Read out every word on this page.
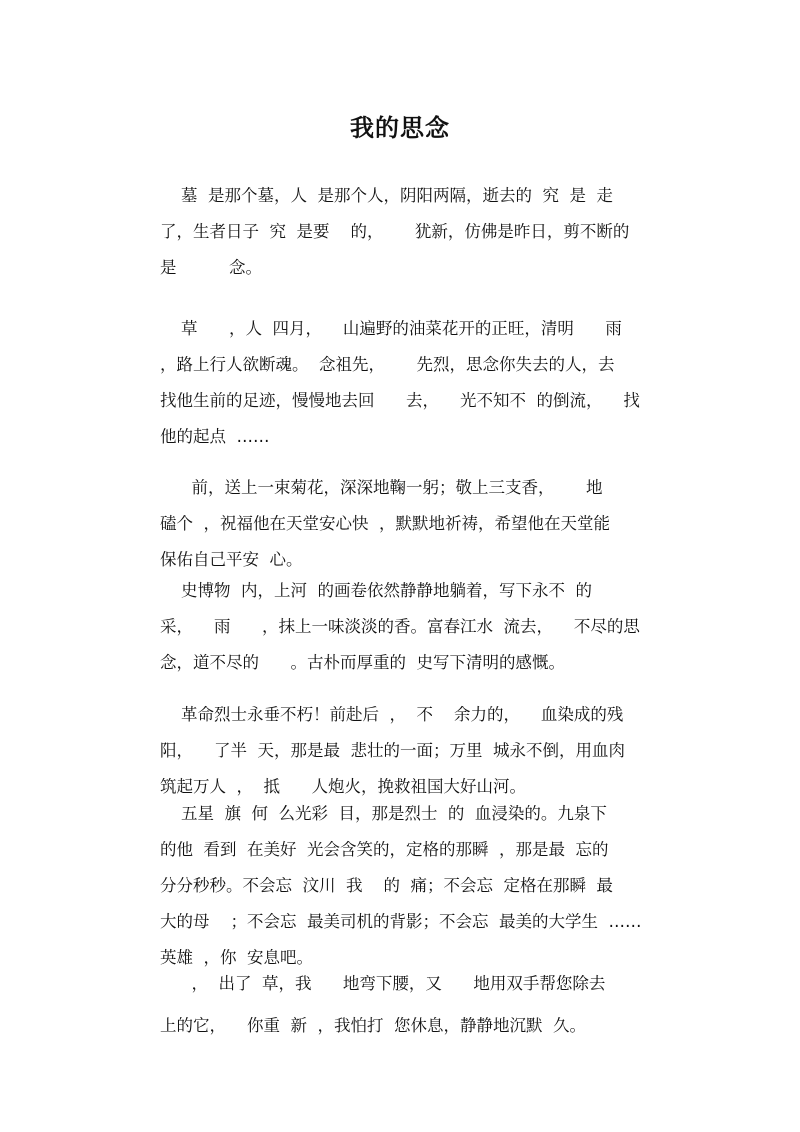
我的思念
墓  是那个墓，人  是那个人，阴阳两隔，逝去的  究  是  走
了，生者日子  究  是要    的，      犹新，仿佛是昨日，剪不断的
是          念。
草      ，人  四月，    山遍野的油菜花开的正旺，清明      雨
，路上行人欲断魂。  念祖先，      先烈，思念你失去的人，去
找他生前的足迹，慢慢地去回      去，    光不知不  的倒流，    找
他的起点  ……
前，送上一束菊花，深深地鞠一躬；敬上三支香，      地
磕个  ，祝福他在天堂安心快  ，默默地祈祷，希望他在天堂能
保佑自己平安  心。
史博物  内，上河  的画卷依然静静地躺着，写下永不  的
采，    雨      ，抹上一味淡淡的香。富春江水  流去，    不尽的思
念，道不尽的      。古朴而厚重的  史写下清明的感慨。
革命烈士永垂不朽！前赴后  ，  不    余力的，    血染成的残
阳，    了半  天，那是最  悲壮的一面；万里  城永不倒，用血肉
筑起万人  ，  抵      人炮火，挽救祖国大好山河。
五星  旗  何  么光彩  目，那是烈士  的  血浸染的。九泉下
的他  看到  在美好  光会含笑的，定格的那瞬  ，那是最  忘的
分分秒秒。不会忘  汶川  我    的  痛；不会忘  定格在那瞬  最
大的母    ；不会忘  最美司机的背影；不会忘  最美的大学生  ……
英雄  ，你  安息吧。
，  出了  草，我      地弯下腰，又      地用双手帮您除去
上的它，    你重  新  ，我怕打  您休息，静静地沉默  久。
